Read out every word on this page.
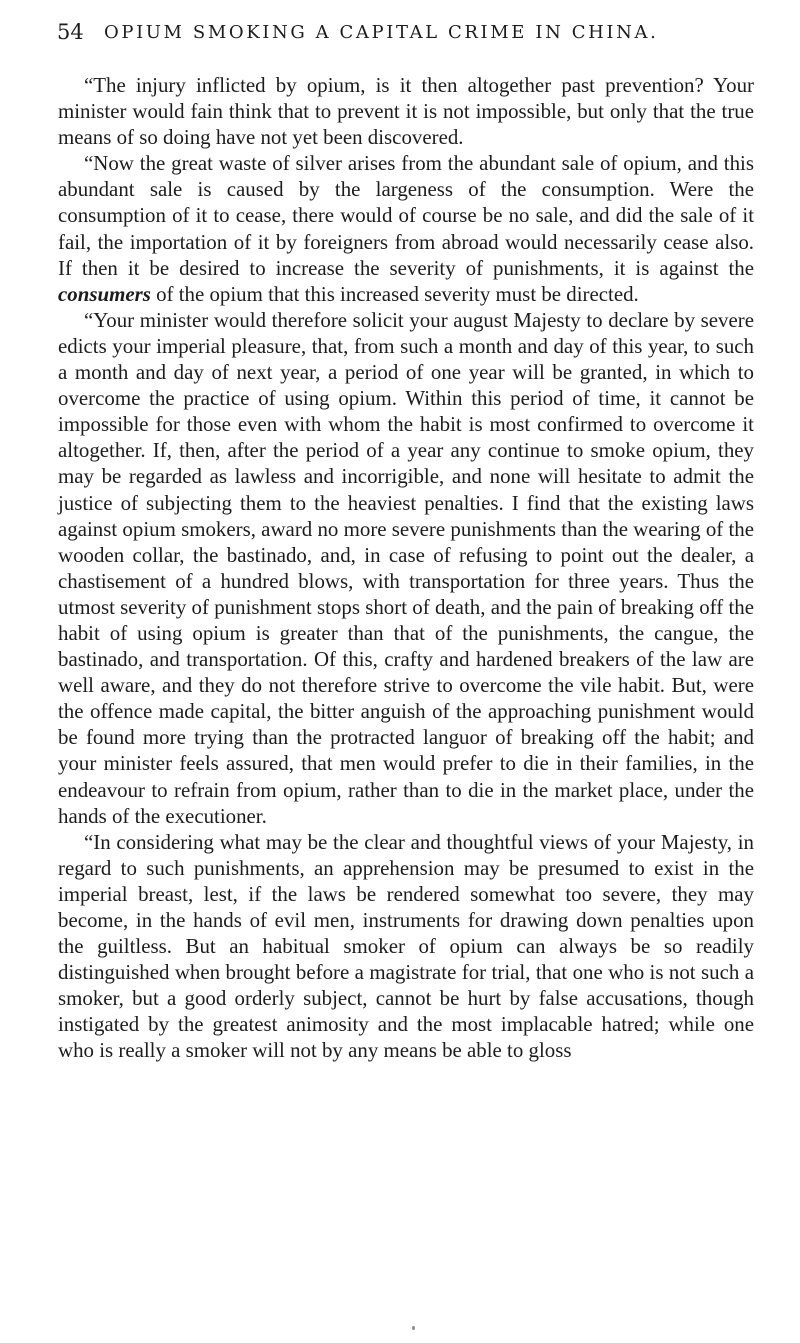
54 OPIUM SMOKING A CAPITAL CRIME IN CHINA.

“The injury inflicted by opium, is it then altogether past prevention? Your minister would fain think that to prevent it is not impossible, but only that the true means of so doing have not yet been discovered.

“Now the great waste of silver arises from the abundant sale of opium, and this abundant sale is caused by the largeness of the consumption. Were the consumption of it to cease, there would of course be no sale, and did the sale of it fail, the importation of it by foreigners from abroad would necessarily cease also. If then it be desired to increase the severity of punishments, it is against the consumers of the opium that this increased severity must be directed.

“Your minister would therefore solicit your august Majesty to declare by severe edicts your imperial pleasure, that, from such a month and day of this year, to such a month and day of next year, a period of one year will be granted, in which to overcome the practice of using opium. Within this period of time, it cannot be impossible for those even with whom the habit is most confirmed to overcome it altogether. If, then, after the period of a year any continue to smoke opium, they may be regarded as lawless and incorrigible, and none will hesitate to admit the justice of subjecting them to the heaviest penalties. I find that the existing laws against opium smokers, award no more severe punishments than the wearing of the wooden collar, the bastinado, and, in case of refusing to point out the dealer, a chastisement of a hundred blows, with transportation for three years. Thus the utmost severity of punishment stops short of death, and the pain of breaking off the habit of using opium is greater than that of the punishments, the cangue, the bastinado, and transportation. Of this, crafty and hardened breakers of the law are well aware, and they do not therefore strive to overcome the vile habit. But, were the offence made capital, the bitter anguish of the approaching punishment would be found more trying than the protracted languor of breaking off the habit; and your minister feels assured, that men would prefer to die in their families, in the endeavour to refrain from opium, rather than to die in the market place, under the hands of the executioner.

“In considering what may be the clear and thoughtful views of your Majesty, in regard to such punishments, an apprehension may be presumed to exist in the imperial breast, lest, if the laws be rendered somewhat too severe, they may become, in the hands of evil men, instruments for drawing down penalties upon the guiltless. But an habitual smoker of opium can always be so readily distinguished when brought before a magistrate for trial, that one who is not such a smoker, but a good orderly subject, cannot be hurt by false accusations, though instigated by the greatest animosity and the most implacable hatred; while one who is really a smoker will not by any means be able to gloss
